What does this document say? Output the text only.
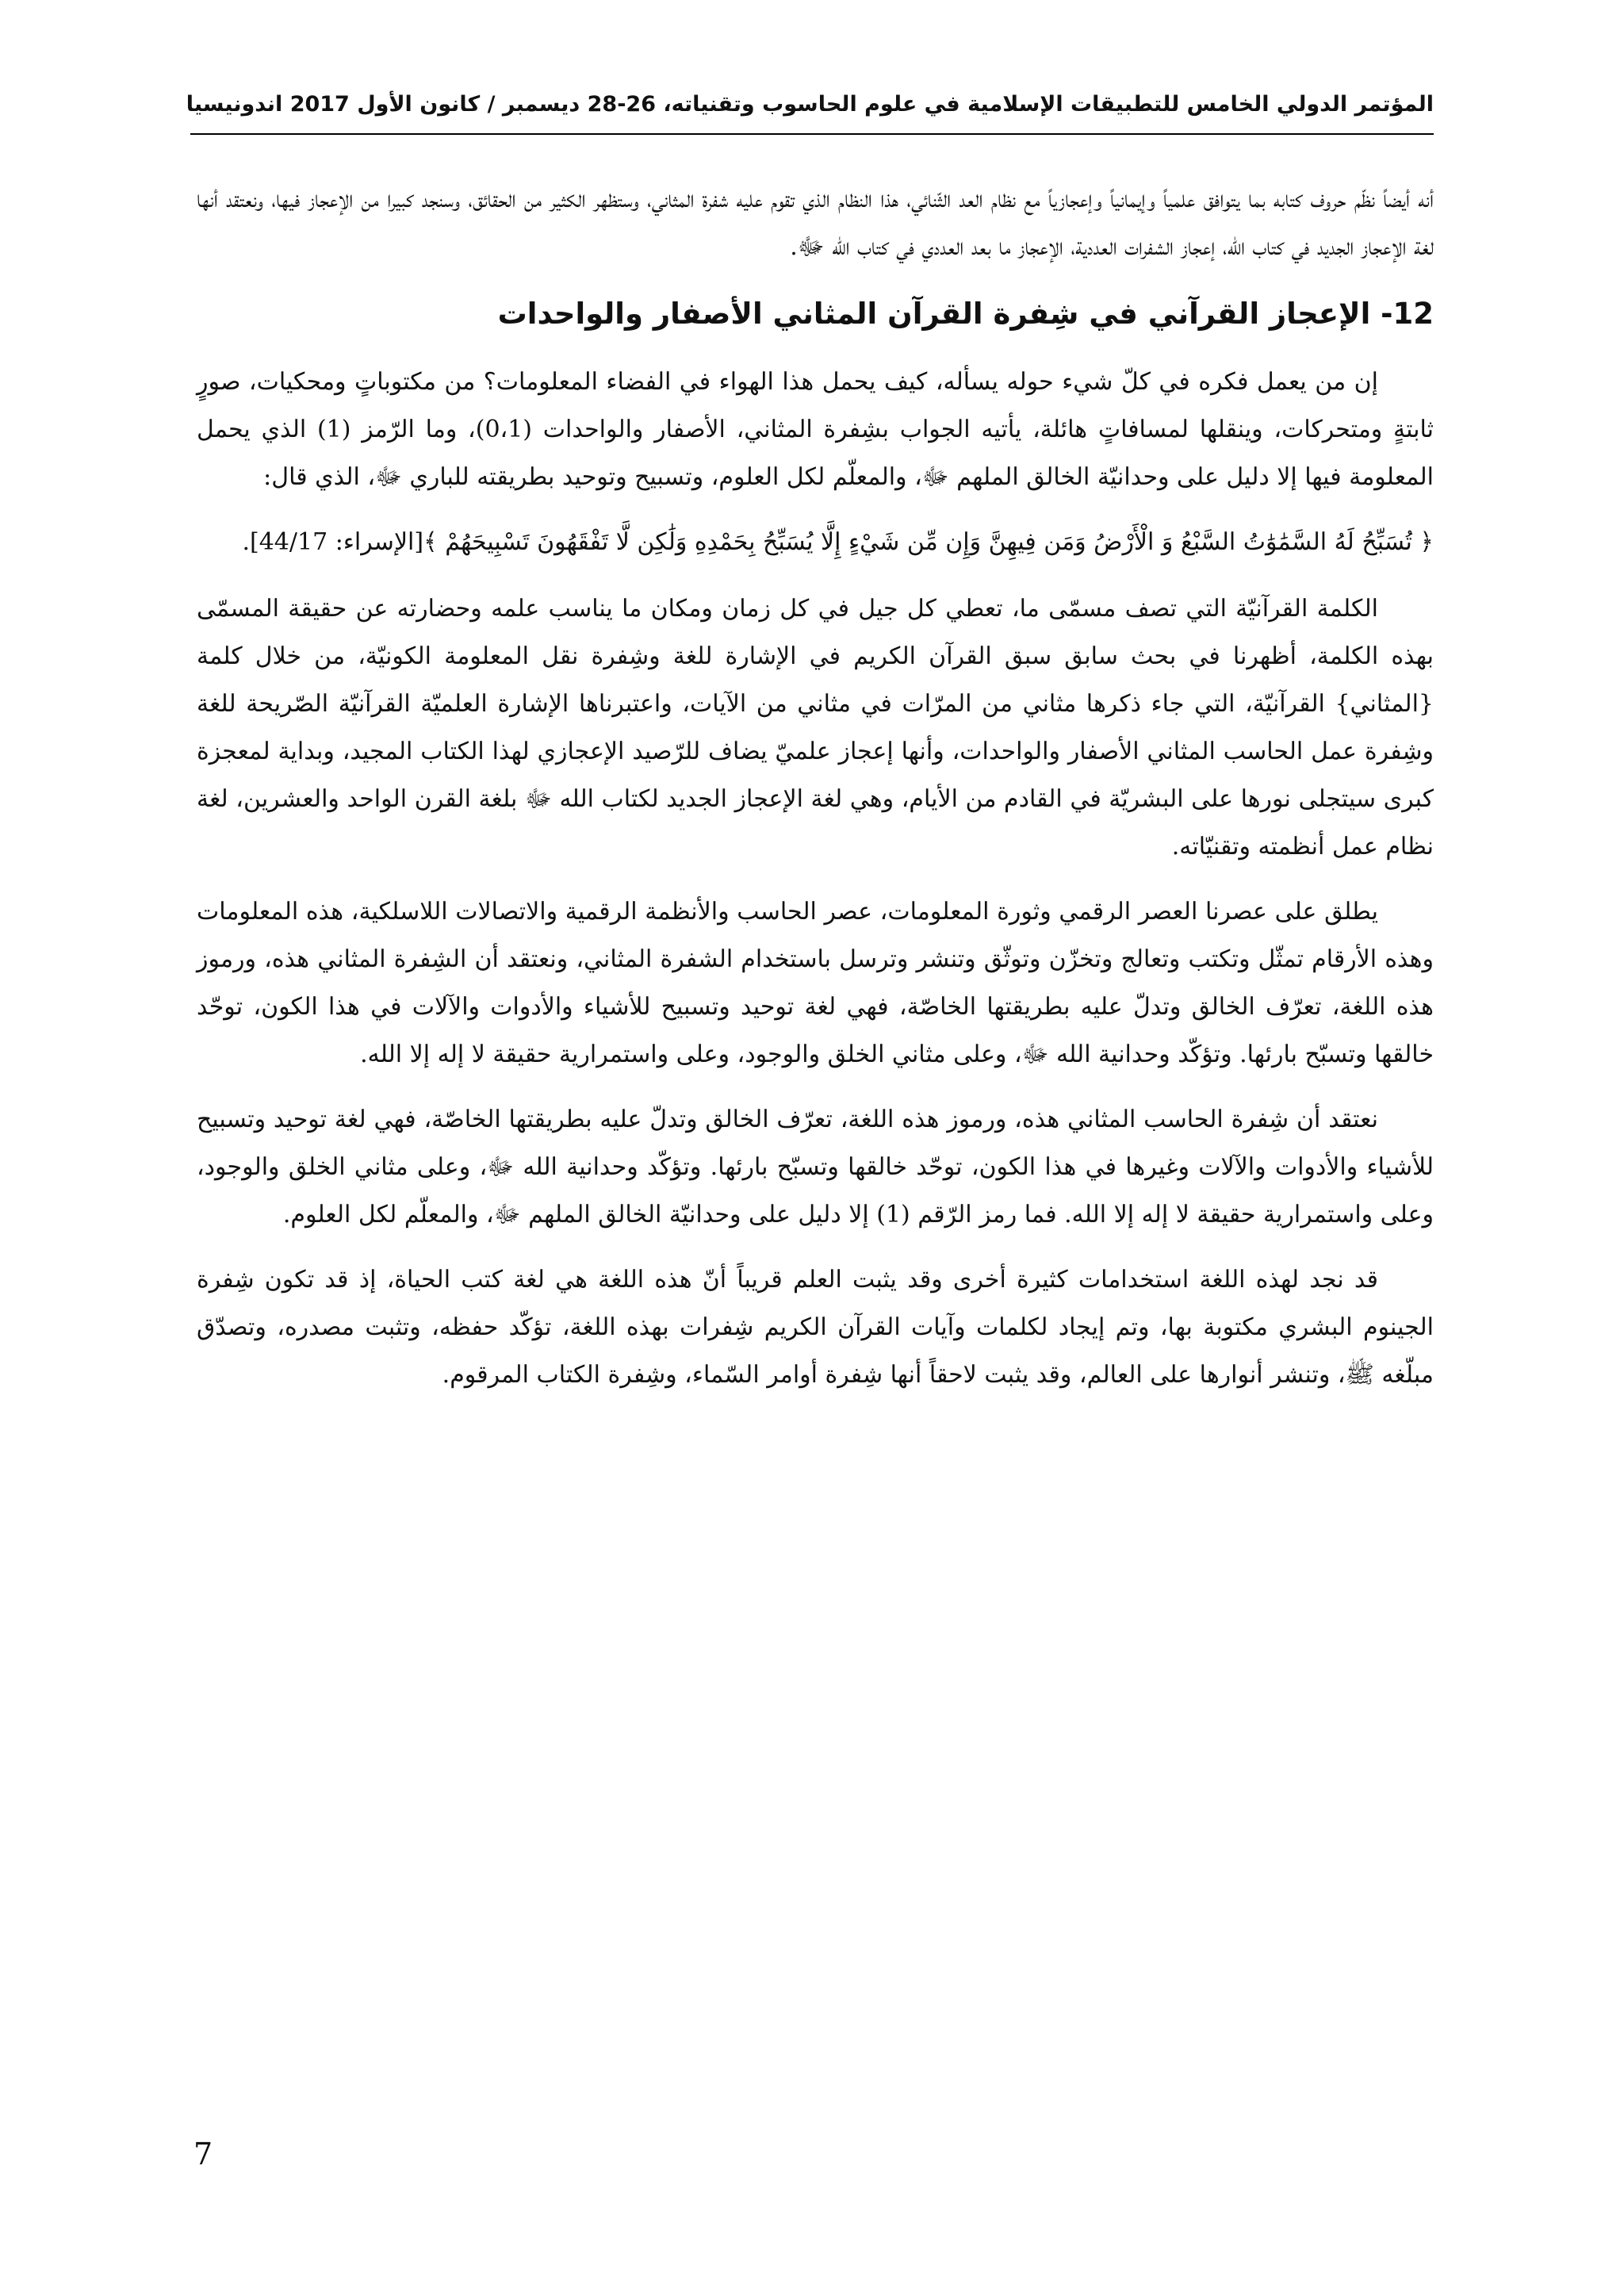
المؤتمر الدولي الخامس للتطبيقات الإسلامية في علوم الحاسوب وتقنياته، 26-28 ديسمبر / كانون الأول 2017 اندونيسيا

أنه أيضاً نظّم حروف كتابه بما يتوافق علمياً وإيمانياً وإعجازياً مع نظام العد الثّنائي، هذا النظام الذي تقوم عليه شفرة المثاني، وستظهر الكثير من الحقائق، وسنجد كبيرا من الإعجاز فيها، ونعتقد أنها لغة الإعجاز الجديد في كتاب الله، إعجاز الشفرات العددية، الإعجاز ما بعد العددي في كتاب الله ﷻ.

12- الإعجاز القرآني في شِفرة القرآن المثاني الأصفار والواحدات

إن من يعمل فكره في كلّ شيء حوله يسأله، كيف يحمل هذا الهواء في الفضاء المعلومات؟ من مكتوباتٍ ومحكيات، صورٍ ثابتةٍ ومتحركات، وينقلها لمسافاتٍ هائلة، يأتيه الجواب بشِفرة المثاني، الأصفار والواحدات (0،1)، وما الرّمز (1) الذي يحمل المعلومة فيها إلا دليل على وحدانيّة الخالق الملهم ﷻ، والمعلّم لكل العلوم، وتسبيح وتوحيد بطريقته للباري ﷻ، الذي قال:

﴿ تُسَبِّحُ لَهُ السَّمَٰوَٰتُ السَّبْعُ وَ الْأَرْضُ وَمَن فِيهِنَّ وَإِن مِّن شَيْءٍ إِلَّا يُسَبِّحُ بِحَمْدِهِ وَلَٰكِن لَّا تَفْقَهُونَ تَسْبِيحَهُمْ ﴾[الإسراء: 44/17].

الكلمة القرآنيّة التي تصف مسمّى ما، تعطي كل جيل في كل زمان ومكان ما يناسب علمه وحضارته عن حقيقة المسمّى بهذه الكلمة، أظهرنا في بحث سابق سبق القرآن الكريم في الإشارة للغة وشِفرة نقل المعلومة الكونيّة، من خلال كلمة {المثاني} القرآنيّة، التي جاء ذكرها مثاني من المرّات في مثاني من الآيات، واعتبرناها الإشارة العلميّة القرآنيّة الصّريحة للغة وشِفرة عمل الحاسب المثاني الأصفار والواحدات، وأنها إعجاز علميّ يضاف للرّصيد الإعجازي لهذا الكتاب المجيد، وبداية لمعجزة كبرى سيتجلى نورها على البشريّة في القادم من الأيام، وهي لغة الإعجاز الجديد لكتاب الله ﷻ بلغة القرن الواحد والعشرين، لغة نظام عمل أنظمته وتقنيّاته.

يطلق على عصرنا العصر الرقمي وثورة المعلومات، عصر الحاسب والأنظمة الرقمية والاتصالات اللاسلكية، هذه المعلومات وهذه الأرقام تمثّل وتكتب وتعالج وتخزّن وتوثّق وتنشر وترسل باستخدام الشفرة المثاني، ونعتقد أن الشِفرة المثاني هذه، ورموز هذه اللغة، تعرّف الخالق وتدلّ عليه بطريقتها الخاصّة، فهي لغة توحيد وتسبيح للأشياء والأدوات والآلات في هذا الكون، توحّد خالقها وتسبّح بارئها. وتؤكّد وحدانية الله ﷻ، وعلى مثاني الخلق والوجود، وعلى واستمرارية حقيقة لا إله إلا الله.

نعتقد أن شِفرة الحاسب المثاني هذه، ورموز هذه اللغة، تعرّف الخالق وتدلّ عليه بطريقتها الخاصّة، فهي لغة توحيد وتسبيح للأشياء والأدوات والآلات وغيرها في هذا الكون، توحّد خالقها وتسبّح بارئها. وتؤكّد وحدانية الله ﷻ، وعلى مثاني الخلق والوجود، وعلى واستمرارية حقيقة لا إله إلا الله. فما رمز الرّقم (1) إلا دليل على وحدانيّة الخالق الملهم ﷻ، والمعلّم لكل العلوم.

قد نجد لهذه اللغة استخدامات كثيرة أخرى وقد يثبت العلم قريباً أنّ هذه اللغة هي لغة كتب الحياة، إذ قد تكون شِفرة الجينوم البشري مكتوبة بها، وتم إيجاد لكلمات وآيات القرآن الكريم شِفرات بهذه اللغة، تؤكّد حفظه، وتثبت مصدره، وتصدّق مبلّغه ﷺ، وتنشر أنوارها على العالم، وقد يثبت لاحقاً أنها شِفرة أوامر السّماء، وشِفرة الكتاب المرقوم.

7
